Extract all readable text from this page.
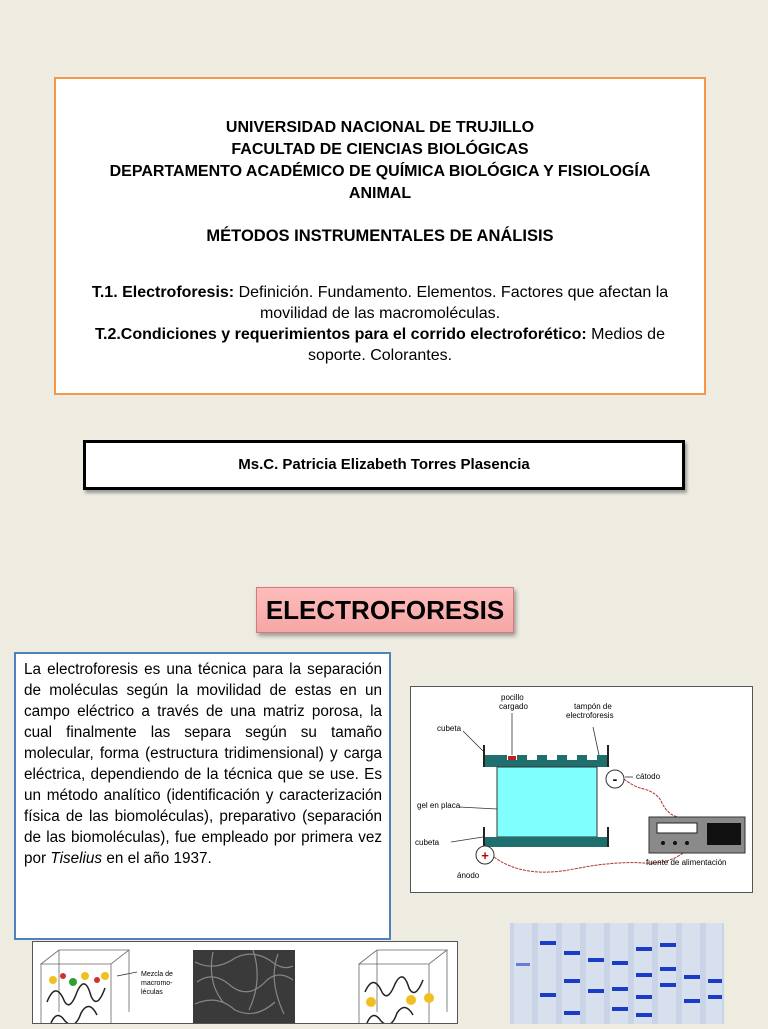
UNIVERSIDAD NACIONAL DE TRUJILLO
FACULTAD DE CIENCIAS BIOLÓGICAS
DEPARTAMENTO ACADÉMICO DE QUÍMICA BIOLÓGICA Y FISIOLOGÍA
ANIMAL
MÉTODOS INSTRUMENTALES DE ANÁLISIS
T.1. Electroforesis: Definición. Fundamento. Elementos. Factores que afectan la movilidad de las macromoléculas.
T.2.Condiciones y requerimientos para el corrido electroforético: Medios de soporte. Colorantes.
Ms.C. Patricia Elizabeth Torres Plasencia
ELECTROFORESIS
La electroforesis es una técnica para la separación de moléculas según la movilidad de estas en un campo eléctrico a través de una matriz porosa, la cual finalmente las separa según su tamaño molecular, forma (estructura tridimensional) y carga eléctrica, dependiendo de la técnica que se use. Es un método analítico (identificación y caracterización física de las biomoléculas), preparativo (separación de las biomoléculas), fue empleado por primera vez por Tiselius en el año 1937.
-
+
pocillo
cargado	tampón de
electroforesis
cubeta
cátodo
gel en placa
cubeta
ánodo
fuente de alimentación
Mezcla de
macromo-
léculas
